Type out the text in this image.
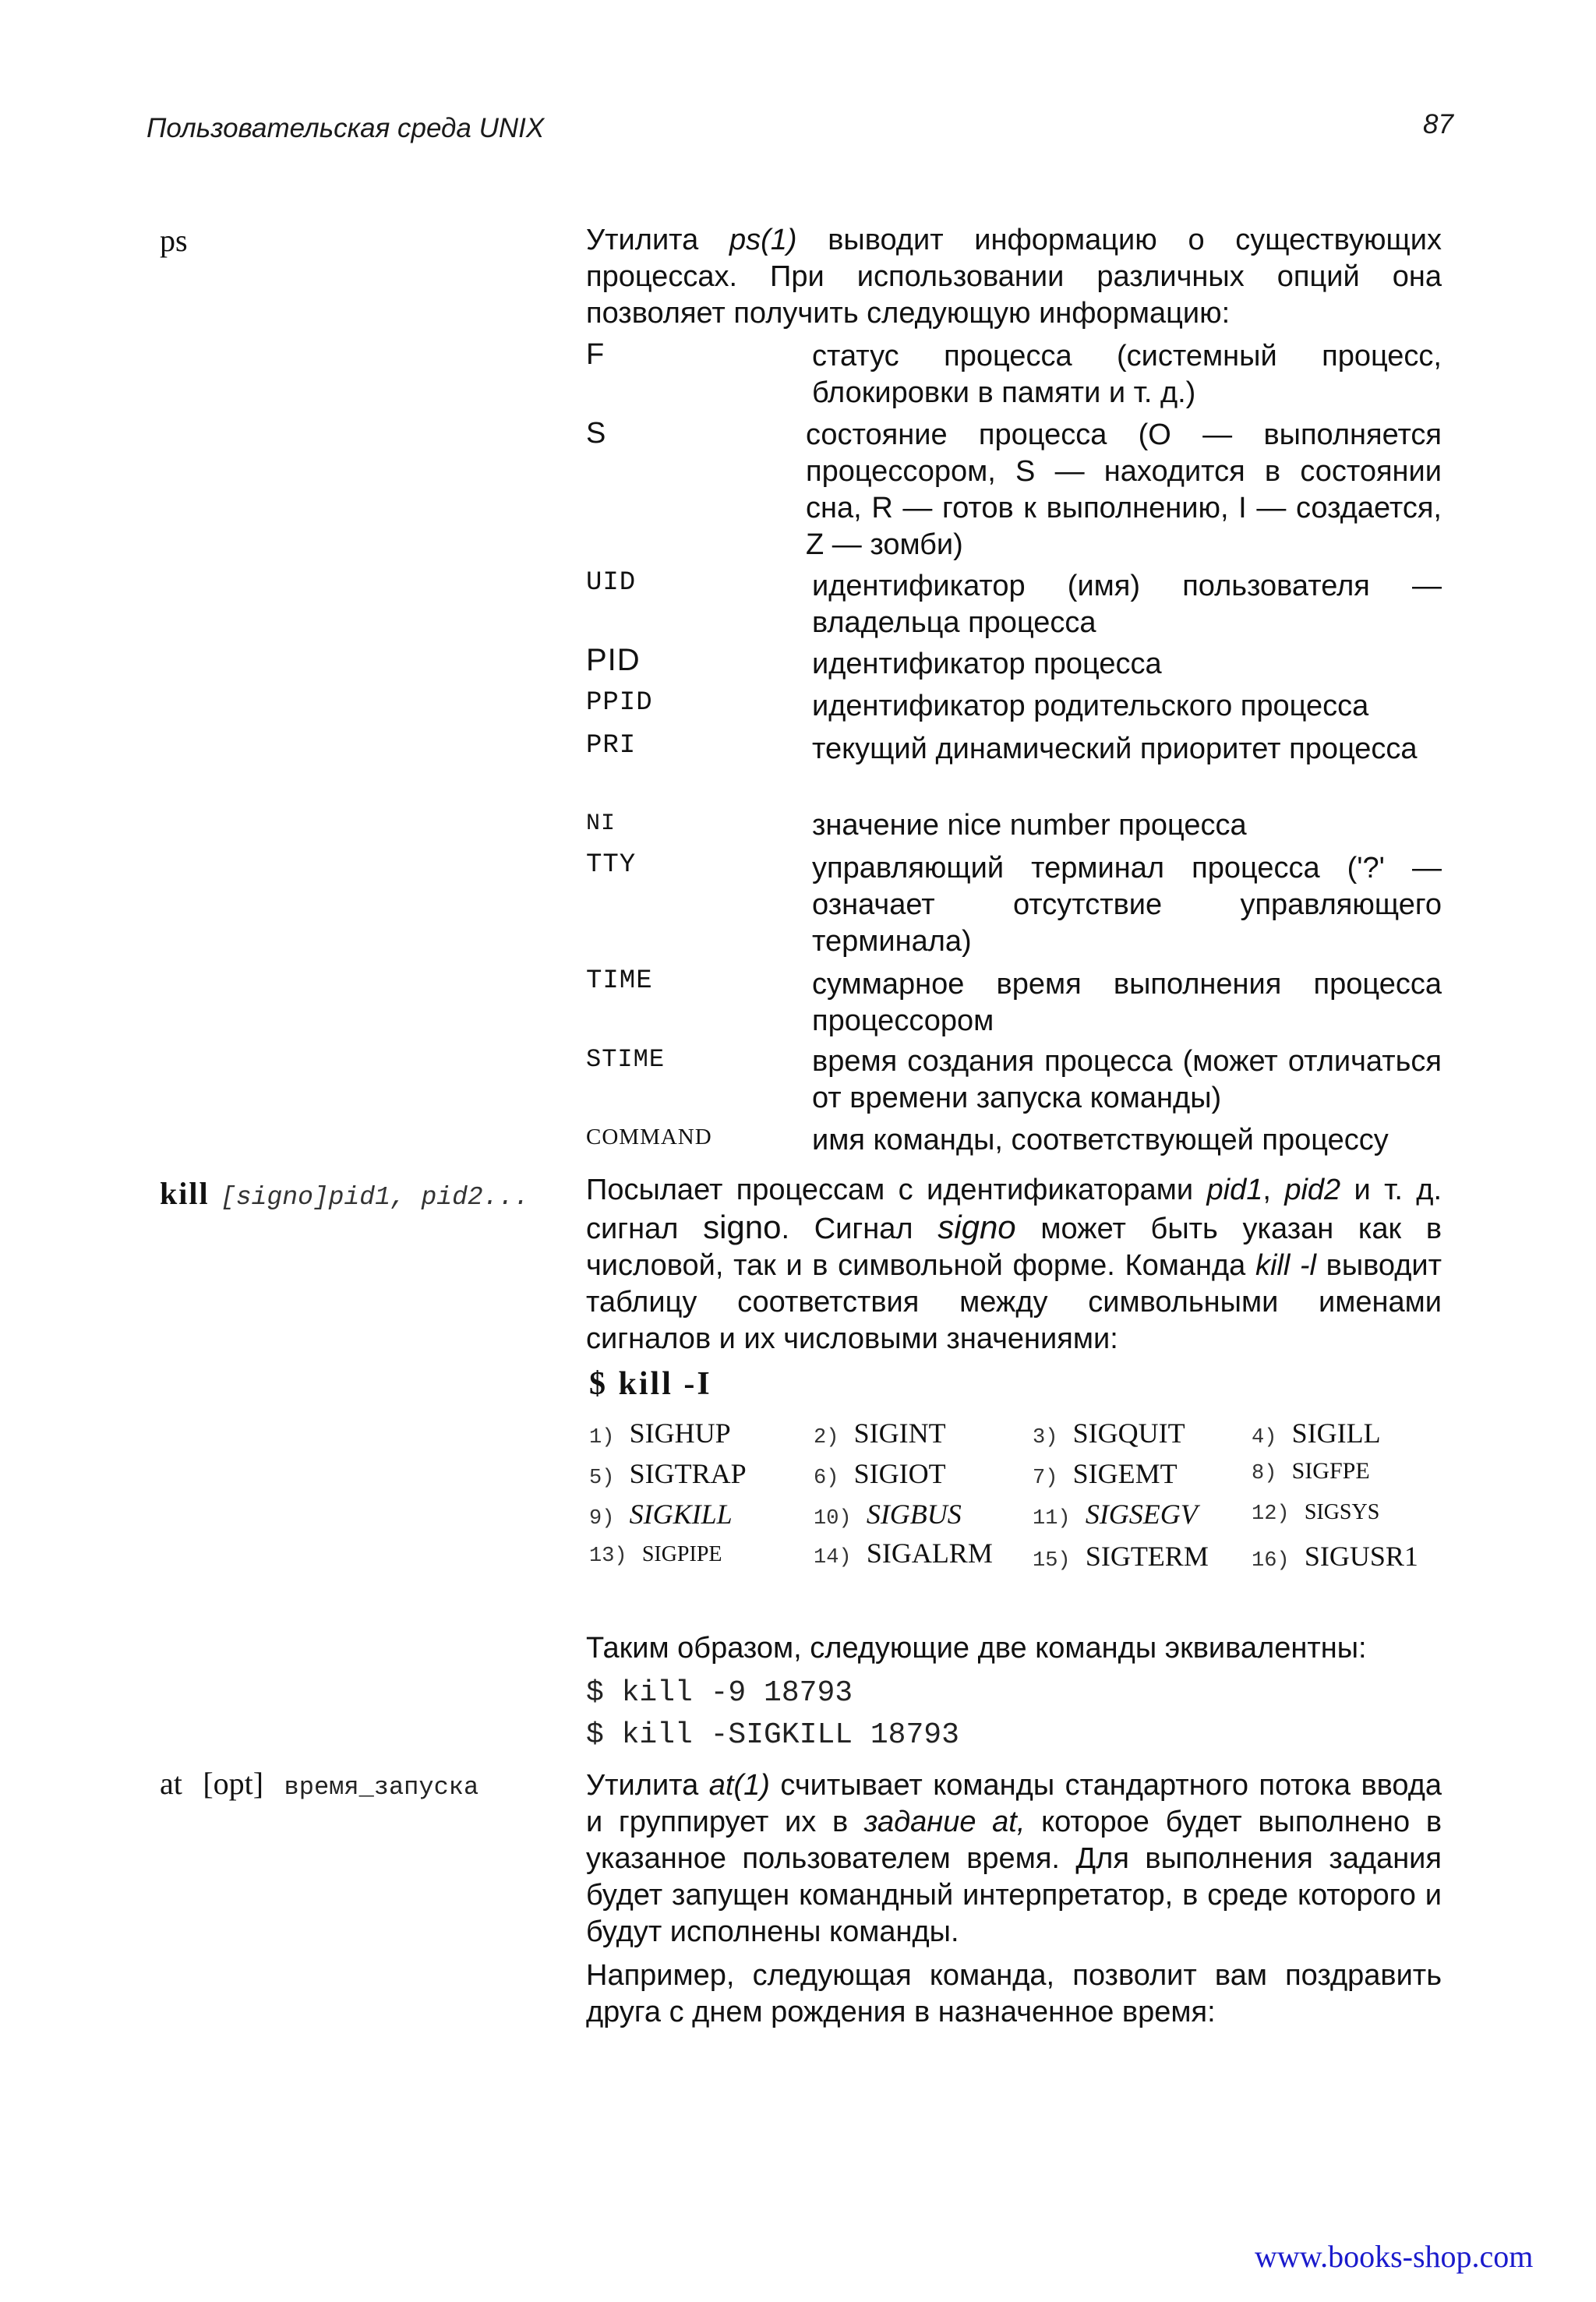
Пользовательская среда UNIX	87
ps	Утилита ps(1) выводит информацию о существующих процессах. При использовании различных опций она позволяет получить следующую информацию:
F	статус процесса (системный процесс, блокировки в памяти и т. д.)
S	состояние процесса (О — выполняется процессором, S — находится в состоянии сна, R — готов к выполнению, I — создается, Z — зомби)
UID	идентификатор (имя) пользователя — владельца процесса
PID	идентификатор процесса
PPID	идентификатор родительского процесса
PRI	текущий динамический приоритет процесса
NI	значение nice number процесса
TTY	управляющий терминал процесса ('?' — означает отсутствие управляющего терминала)
TIME	суммарное время выполнения процесса процессором
STIME	время создания процесса (может отличаться от времени запуска команды)
COMMAND	имя команды, соответствующей процессу
kill [signo]pid1, pid2... Посылает процессам с идентификаторами pid1, pid2 и т. д. сигнал signo. Сигнал signo может быть указан как в числовой, так и в символьной форме. Команда kill -l выводит таблицу соответствия между символьными именами сигналов и их числовыми значениями:
$ kill -I
1) SIGHUP	2) SIGINT	3) SIGQUIT	4) SIGILL
5) SIGTRAP	6) SIGIOT	7) SIGEMT	8) SIGFPE
9) SIGKILL	10) SIGBUS	11) SIGSEGV	12) SIGSYS
13) SIGPIPE	14) SIGALRM 15) SIGTERM 16) SIGUSR1
Таким образом, следующие две команды эквивалентны:
$ kill -9 18793
$ kill -SIGKILL 18793
at [opt] время_запуска	Утилита at(1) считывает команды стандартного потока ввода и группирует их в задание at, которое будет выполнено в указанное пользователем время. Для выполнения задания будет запущен командный интерпретатор, в среде которого и будут исполнены команды.
Например, следующая команда, позволит вам поздравить друга с днем рождения в назначенное время:
www.books-shop.com
